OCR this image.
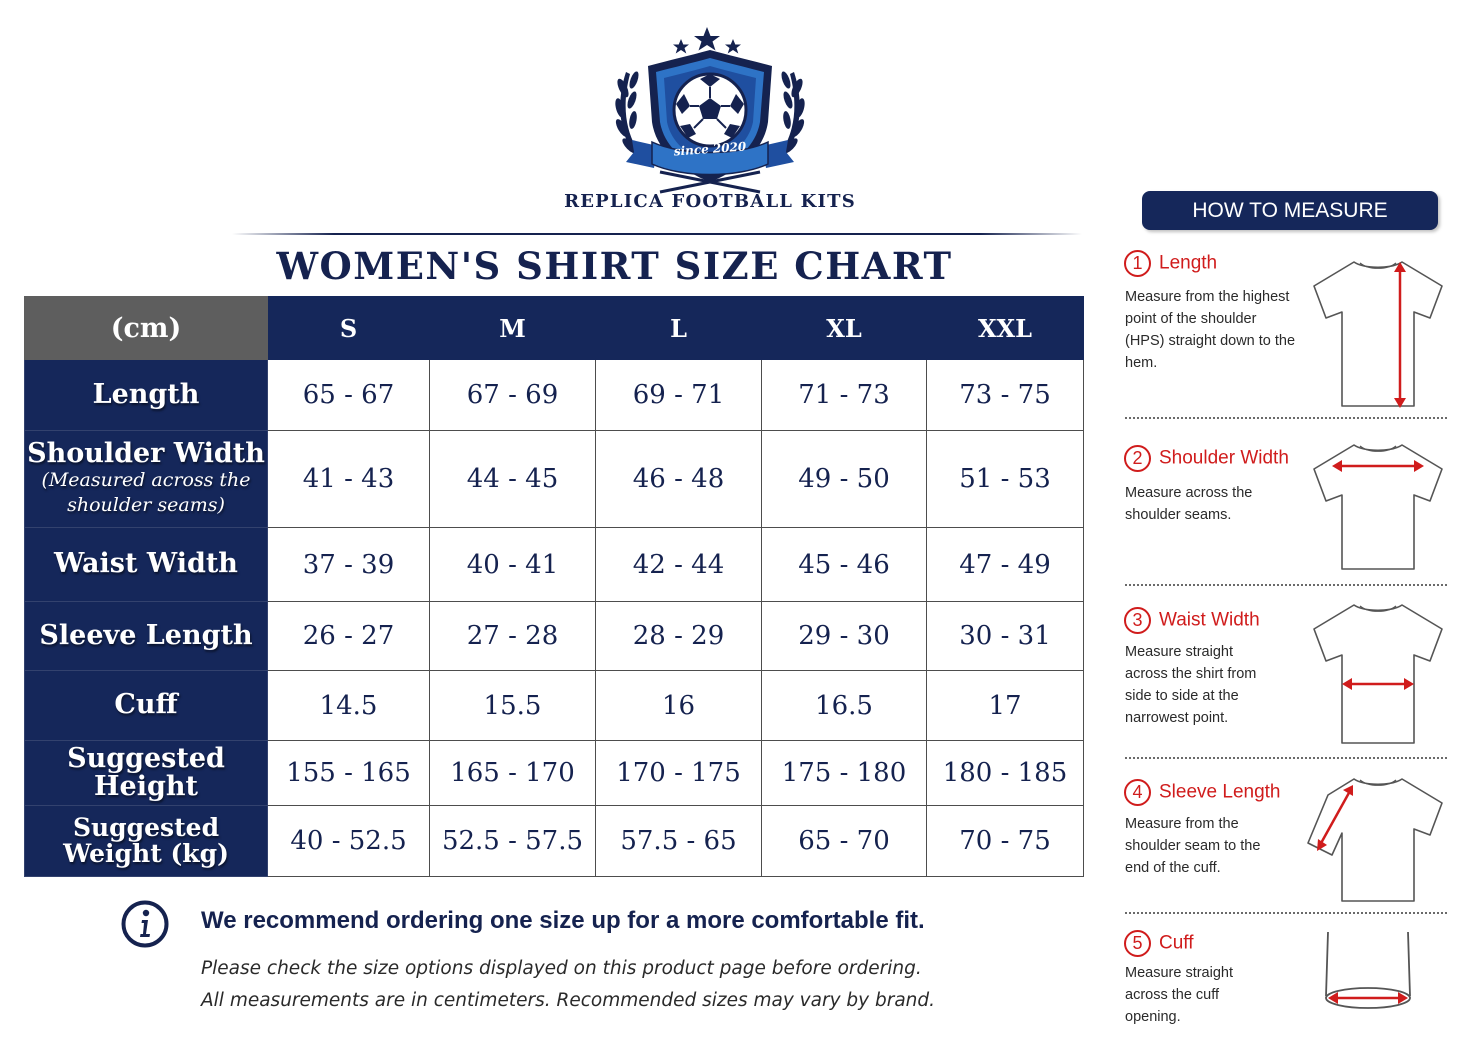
since 2020
REPLICA FOOTBALL KITS
WOMEN'S SHIRT SIZE CHART
(cm)	S	M	L	XL	XXL
Length	65 - 67	67 - 69	69 - 71	71 - 73	73 - 75
Shoulder Width
(Measured across the shoulder seams)	41 - 43	44 - 45	46 - 48	49 - 50	51 - 53
Waist Width	37 - 39	40 - 41	42 - 44	45 - 46	47 - 49
Sleeve Length	26 - 27	27 - 28	28 - 29	29 - 30	30 - 31
Cuff	14.5	15.5	16	16.5	17
Suggested Height	155 - 165	165 - 170	170 - 175	175 - 180	180 - 185
Suggested Weight (kg)	40 - 52.5	52.5 - 57.5	57.5 - 65	65 - 70	70 - 75
We recommend ordering one size up for a more comfortable fit.
Please check the size options displayed on this product page before ordering.
All measurements are in centimeters. Recommended sizes may vary by brand.
HOW TO MEASURE
1 Length
Measure from the highest point of the shoulder (HPS) straight down to the hem.
2 Shoulder Width
Measure across the shoulder seams.
3 Waist Width
Measure straight across the shirt from side to side at the narrowest point.
4 Sleeve Length
Measure from the shoulder seam to the end of the cuff.
5 Cuff
Measure straight across the cuff opening.
